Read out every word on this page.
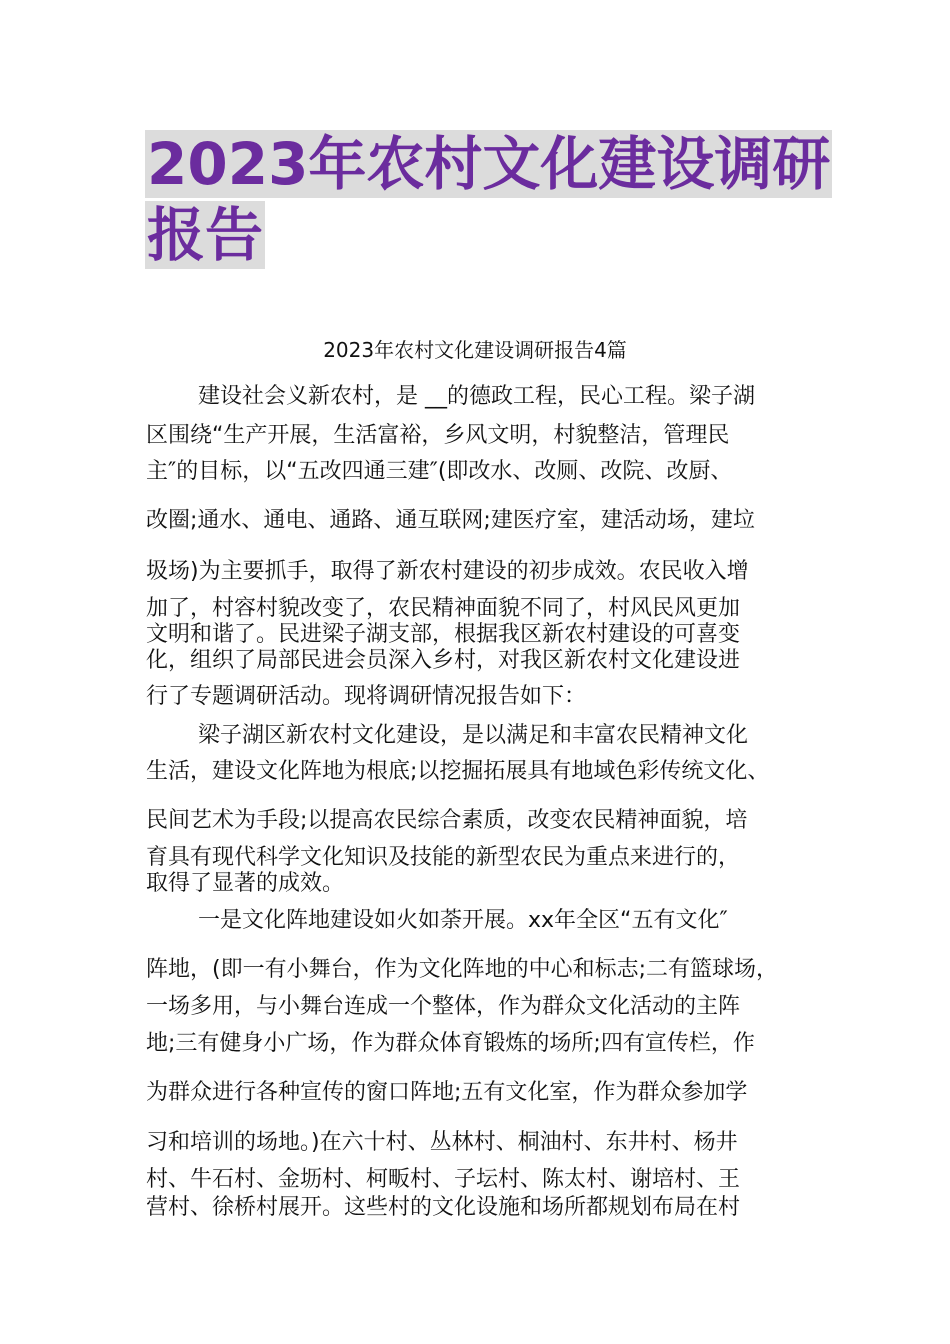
2023年农村文化建设调研
报告
2023年农村文化建设调研报告4篇
建设社会义新农村，是 __的德政工程，民心工程。梁子湖
区围绕“生产开展，生活富裕，乡风文明，村貌整洁，管理民
主″的目标，以“五改四通三建″(即改水、改厕、改院、改厨、
改圈;通水、通电、通路、通互联网;建医疗室，建活动场，建垃
圾场)为主要抓手，取得了新农村建设的初步成效。农民收入增
加了，村容村貌改变了，农民精神面貌不同了，村风民风更加
文明和谐了。民进梁子湖支部，根据我区新农村建设的可喜变
化，组织了局部民进会员深入乡村，对我区新农村文化建设进
行了专题调研活动。现将调研情况报告如下：
梁子湖区新农村文化建设，是以满足和丰富农民精神文化
生活，建设文化阵地为根底;以挖掘拓展具有地域色彩传统文化、
民间艺术为手段;以提高农民综合素质，改变农民精神面貌，培
育具有现代科学文化知识及技能的新型农民为重点来进行的，
取得了显著的成效。
一是文化阵地建设如火如荼开展。xx年全区“五有文化″
阵地，(即一有小舞台，作为文化阵地的中心和标志;二有篮球场，
一场多用，与小舞台连成一个整体，作为群众文化活动的主阵
地;三有健身小广场，作为群众体育锻炼的场所;四有宣传栏，作
为群众进行各种宣传的窗口阵地;五有文化室，作为群众参加学
习和培训的场地。)在六十村、丛林村、桐油村、东井村、杨井
村、牛石村、金坜村、柯畈村、子坛村、陈太村、谢培村、王
营村、徐桥村展开。这些村的文化设施和场所都规划布局在村
